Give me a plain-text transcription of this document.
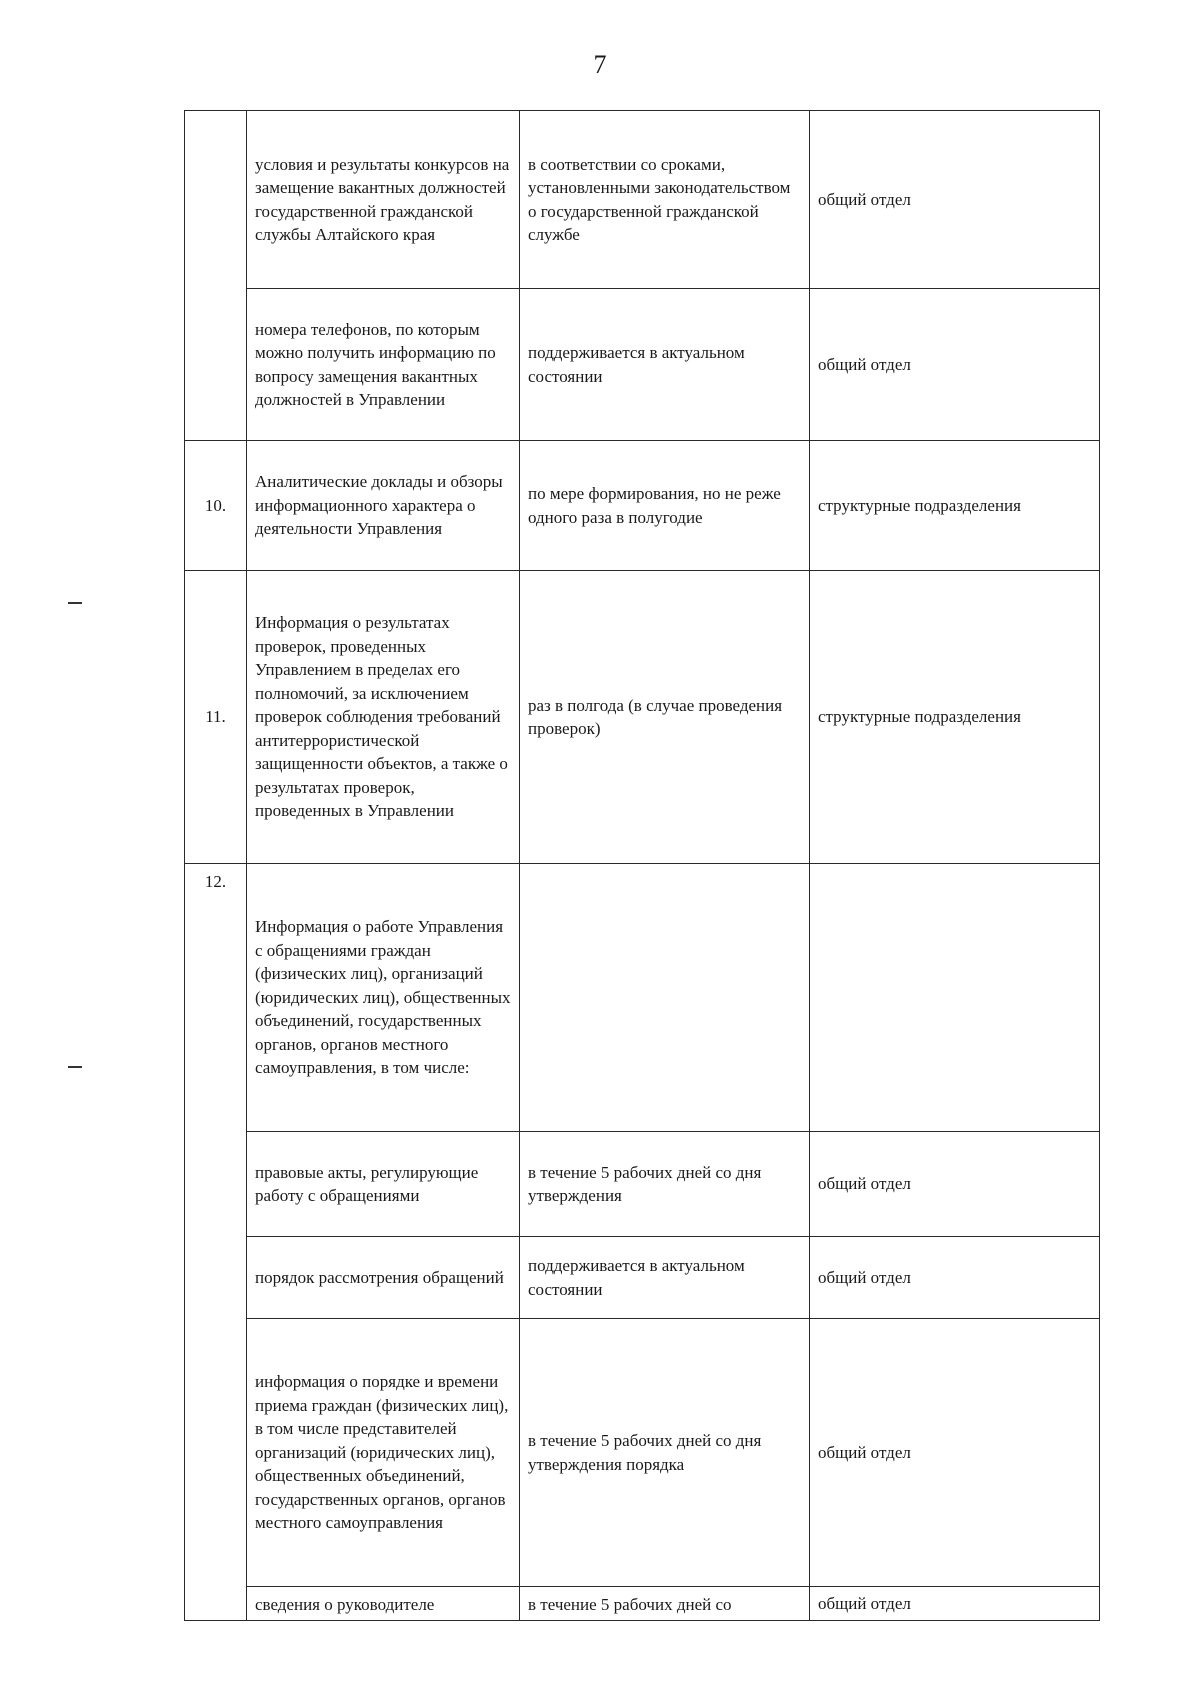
7
	условия и результаты конкурсов на замещение вакантных должностей государственной гражданской службы Алтайского края	в соответствии со сроками, установленными законодательством о государственной гражданской службе	общий отдел
	номера телефонов, по которым можно получить информацию по вопросу замещения вакантных должностей в Управлении	поддерживается в актуальном состоянии	общий отдел
10.	Аналитические доклады и обзоры информационного характера о деятельности Управления	по мере формирования, но не реже одного раза в полугодие	структурные подразделения
11.	Информация о результатах проверок, проведенных Управлением в пределах его полномочий, за исключением проверок соблюдения требований антитеррористической защищенности объектов, а также о результатах проверок, проведенных в Управлении	раз в полгода (в случае проведения проверок)	структурные подразделения
12.	Информация о работе Управления с обращениями граждан (физических лиц), организаций (юридических лиц), общественных объединений, государственных органов, органов местного самоуправления, в том числе:		
	правовые акты, регулирующие работу с обращениями	в течение 5 рабочих дней со дня утверждения	общий отдел
	порядок рассмотрения обращений	поддерживается в актуальном состоянии	общий отдел
	информация о порядке и времени приема граждан (физических лиц), в том числе представителей организаций (юридических лиц), общественных объединений, государственных органов, органов местного самоуправления	в течение 5 рабочих дней со дня утверждения порядка	общий отдел
	сведения о руководителе	в течение 5 рабочих дней со	общий отдел
